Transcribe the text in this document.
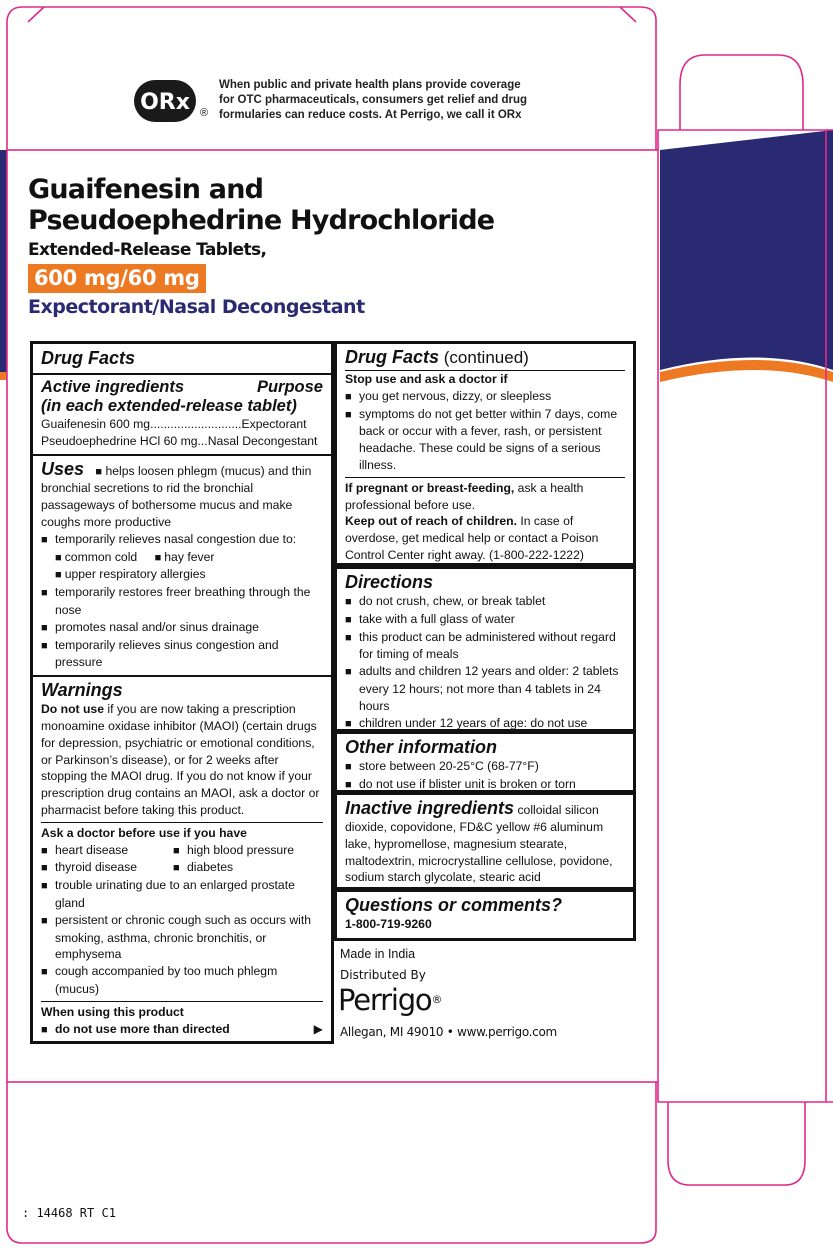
ORx ®
When public and private health plans provide coverage
for OTC pharmaceuticals, consumers get relief and drug
formularies can reduce costs. At Perrigo, we call it ORx
Guaifenesin and
Pseudoephedrine Hydrochloride
Extended-Release Tablets,
600 mg/60 mg
Expectorant/Nasal Decongestant
Drug Facts
Active ingredients	Purpose
(in each extended-release tablet)
Guaifenesin 600 mg ........................... Expectorant
Pseudoephedrine HCl 60 mg ... Nasal Decongestant
Uses ■ helps loosen phlegm (mucus) and thin bronchial secretions to rid the bronchial passageways of bothersome mucus and make coughs more productive
■ temporarily relieves nasal congestion due to:
■ common cold ■ hay fever
■ upper respiratory allergies
■ temporarily restores freer breathing through the nose
■ promotes nasal and/or sinus drainage
■ temporarily relieves sinus congestion and pressure
Warnings
Do not use if you are now taking a prescription monoamine oxidase inhibitor (MAOI) (certain drugs for depression, psychiatric or emotional conditions, or Parkinson’s disease), or for 2 weeks after stopping the MAOI drug. If you do not know if your prescription drug contains an MAOI, ask a doctor or pharmacist before taking this product.
Ask a doctor before use if you have
■ heart disease	■ high blood pressure
■ thyroid disease	■ diabetes
■ trouble urinating due to an enlarged prostate gland
■ persistent or chronic cough such as occurs with smoking, asthma, chronic bronchitis, or emphysema
■ cough accompanied by too much phlegm (mucus)
When using this product
■ do not use more than directed	▶
Drug Facts (continued)
Stop use and ask a doctor if
■ you get nervous, dizzy, or sleepless
■ symptoms do not get better within 7 days, come back or occur with a fever, rash, or persistent headache. These could be signs of a serious illness.
If pregnant or breast-feeding, ask a health professional before use.
Keep out of reach of children. In case of overdose, get medical help or contact a Poison Control Center right away. (1-800-222-1222)
Directions
■ do not crush, chew, or break tablet
■ take with a full glass of water
■ this product can be administered without regard for timing of meals
■ adults and children 12 years and older: 2 tablets every 12 hours; not more than 4 tablets in 24 hours
■ children under 12 years of age: do not use
Other information
■ store between 20-25°C (68-77°F)
■ do not use if blister unit is broken or torn
Inactive ingredients colloidal silicon dioxide, copovidone, FD&C yellow #6 aluminum lake, hypromellose, magnesium stearate, maltodextrin, microcrystalline cellulose, povidone, sodium starch glycolate, stearic acid
Questions or comments?
1-800-719-9260
Made in India
Distributed By
Perrigo®
Allegan, MI 49010 • www.perrigo.com
: 14468 RT C1
